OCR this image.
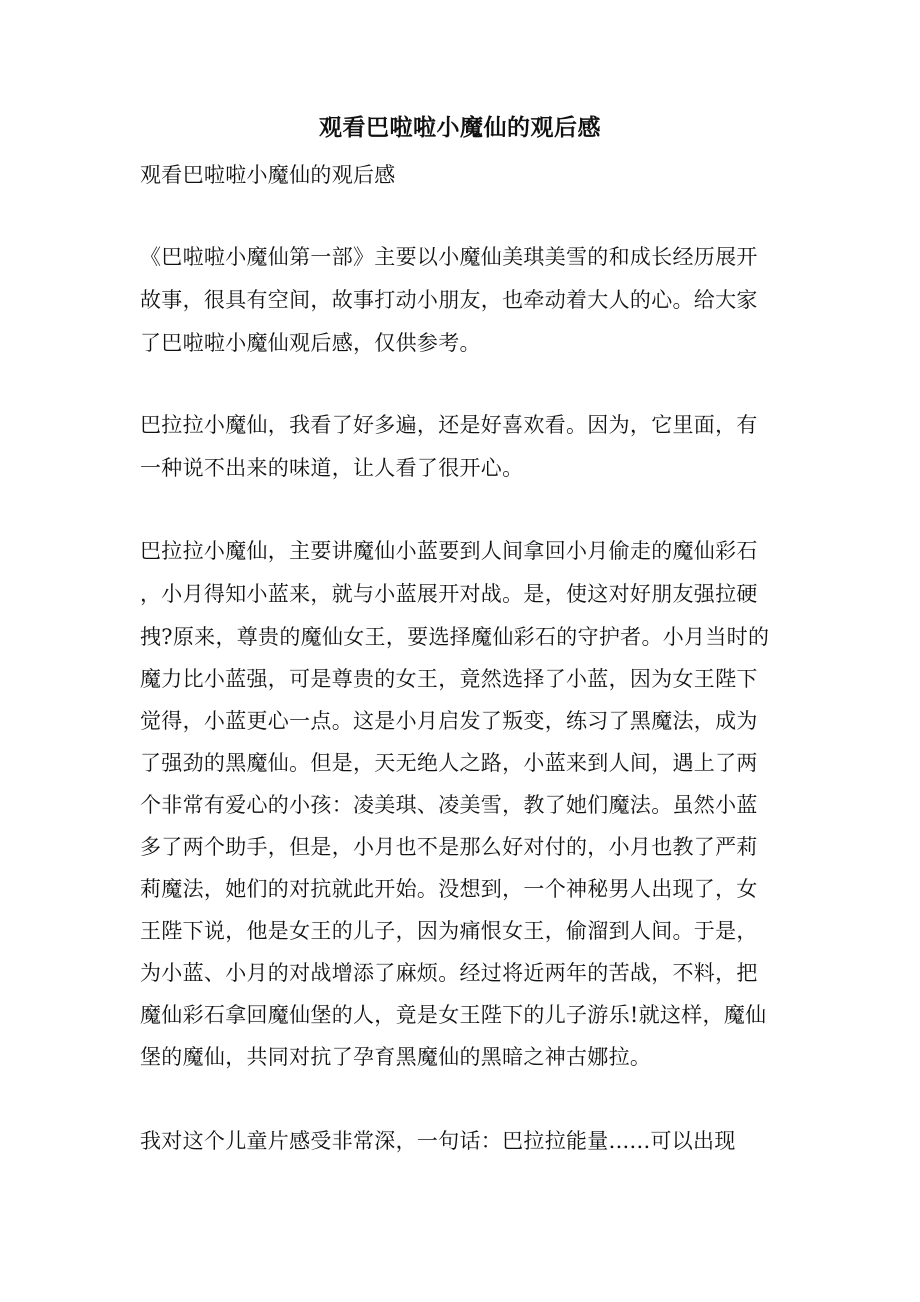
观看巴啦啦小魔仙的观后感
观看巴啦啦小魔仙的观后感
《巴啦啦小魔仙第一部》主要以小魔仙美琪美雪的和成长经历展开
故事，很具有空间，故事打动小朋友，也牵动着大人的心。给大家
了巴啦啦小魔仙观后感，仅供参考。
巴拉拉小魔仙，我看了好多遍，还是好喜欢看。因为，它里面，有
一种说不出来的味道，让人看了很开心。
巴拉拉小魔仙，主要讲魔仙小蓝要到人间拿回小月偷走的魔仙彩石
，小月得知小蓝来，就与小蓝展开对战。是，使这对好朋友强拉硬
拽?原来，尊贵的魔仙女王，要选择魔仙彩石的守护者。小月当时的
魔力比小蓝强，可是尊贵的女王，竟然选择了小蓝，因为女王陛下
觉得，小蓝更心一点。这是小月启发了叛变，练习了黑魔法，成为
了强劲的黑魔仙。但是，天无绝人之路，小蓝来到人间，遇上了两
个非常有爱心的小孩：凌美琪、凌美雪，教了她们魔法。虽然小蓝
多了两个助手，但是，小月也不是那么好对付的，小月也教了严莉
莉魔法，她们的对抗就此开始。没想到，一个神秘男人出现了，女
王陛下说，他是女王的儿子，因为痛恨女王，偷溜到人间。于是，
为小蓝、小月的对战增添了麻烦。经过将近两年的苦战，不料，把
魔仙彩石拿回魔仙堡的人，竟是女王陛下的儿子游乐!就这样，魔仙
堡的魔仙，共同对抗了孕育黑魔仙的黑暗之神古娜拉。
我对这个儿童片感受非常深，一句话：巴拉拉能量......可以出现
